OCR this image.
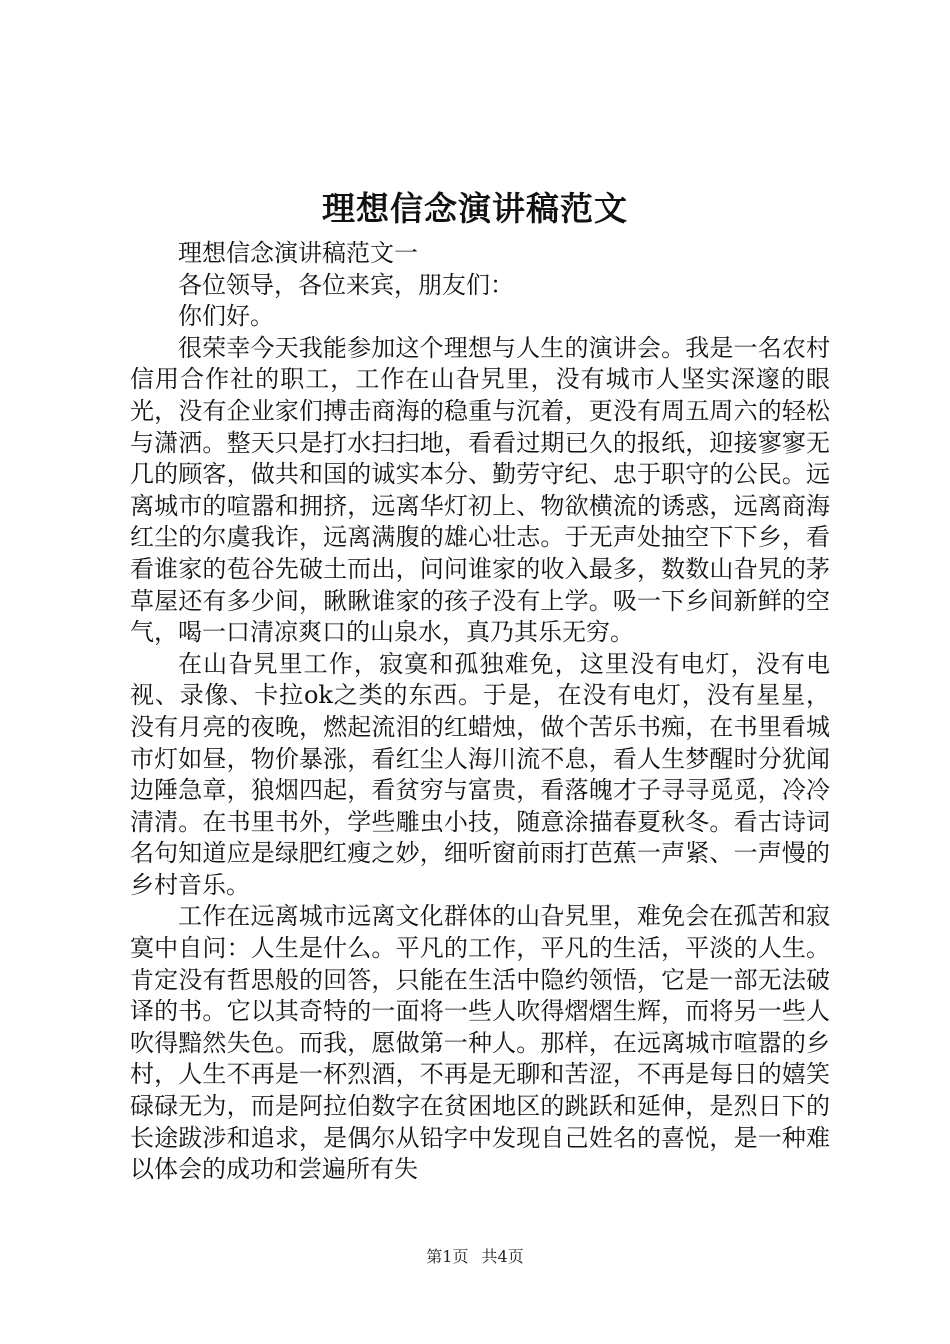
理想信念演讲稿范文

理想信念演讲稿范文一

各位领导，各位来宾，朋友们：

你们好。

很荣幸今天我能参加这个理想与人生的演讲会。我是一名农村信用合作社的职工，工作在山旮旯里，没有城市人坚实深邃的眼光，没有企业家们搏击商海的稳重与沉着，更没有周五周六的轻松与潇洒。整天只是打水扫扫地，看看过期已久的报纸，迎接寥寥无几的顾客，做共和国的诚实本分、勤劳守纪、忠于职守的公民。远离城市的喧嚣和拥挤，远离华灯初上、物欲横流的诱惑，远离商海红尘的尔虞我诈，远离满腹的雄心壮志。于无声处抽空下下乡，看看谁家的苞谷先破土而出，问问谁家的收入最多，数数山旮旯的茅草屋还有多少间，瞅瞅谁家的孩子没有上学。吸一下乡间新鲜的空气，喝一口清凉爽口的山泉水，真乃其乐无穷。

在山旮旯里工作，寂寞和孤独难免，这里没有电灯，没有电视、录像、卡拉ok之类的东西。于是，在没有电灯，没有星星，没有月亮的夜晚，燃起流泪的红蜡烛，做个苦乐书痴，在书里看城市灯如昼，物价暴涨，看红尘人海川流不息，看人生梦醒时分犹闻边陲急章，狼烟四起，看贫穷与富贵，看落魄才子寻寻觅觅，冷冷清清。在书里书外，学些雕虫小技，随意涂描春夏秋冬。看古诗词名句知道应是绿肥红瘦之妙，细听窗前雨打芭蕉一声紧、一声慢的乡村音乐。

工作在远离城市远离文化群体的山旮旯里，难免会在孤苦和寂寞中自问：人生是什么。平凡的工作，平凡的生活，平淡的人生。肯定没有哲思般的回答，只能在生活中隐约领悟，它是一部无法破译的书。它以其奇特的一面将一些人吹得熠熠生辉，而将另一些人吹得黯然失色。而我，愿做第一种人。那样，在远离城市喧嚣的乡村，人生不再是一杯烈酒，不再是无聊和苦涩，不再是每日的嬉笑碌碌无为，而是阿拉伯数字在贫困地区的跳跃和延伸，是烈日下的长途跋涉和追求，是偶尔从铅字中发现自己姓名的喜悦，是一种难以体会的成功和尝遍所有失

第1页 共4页
